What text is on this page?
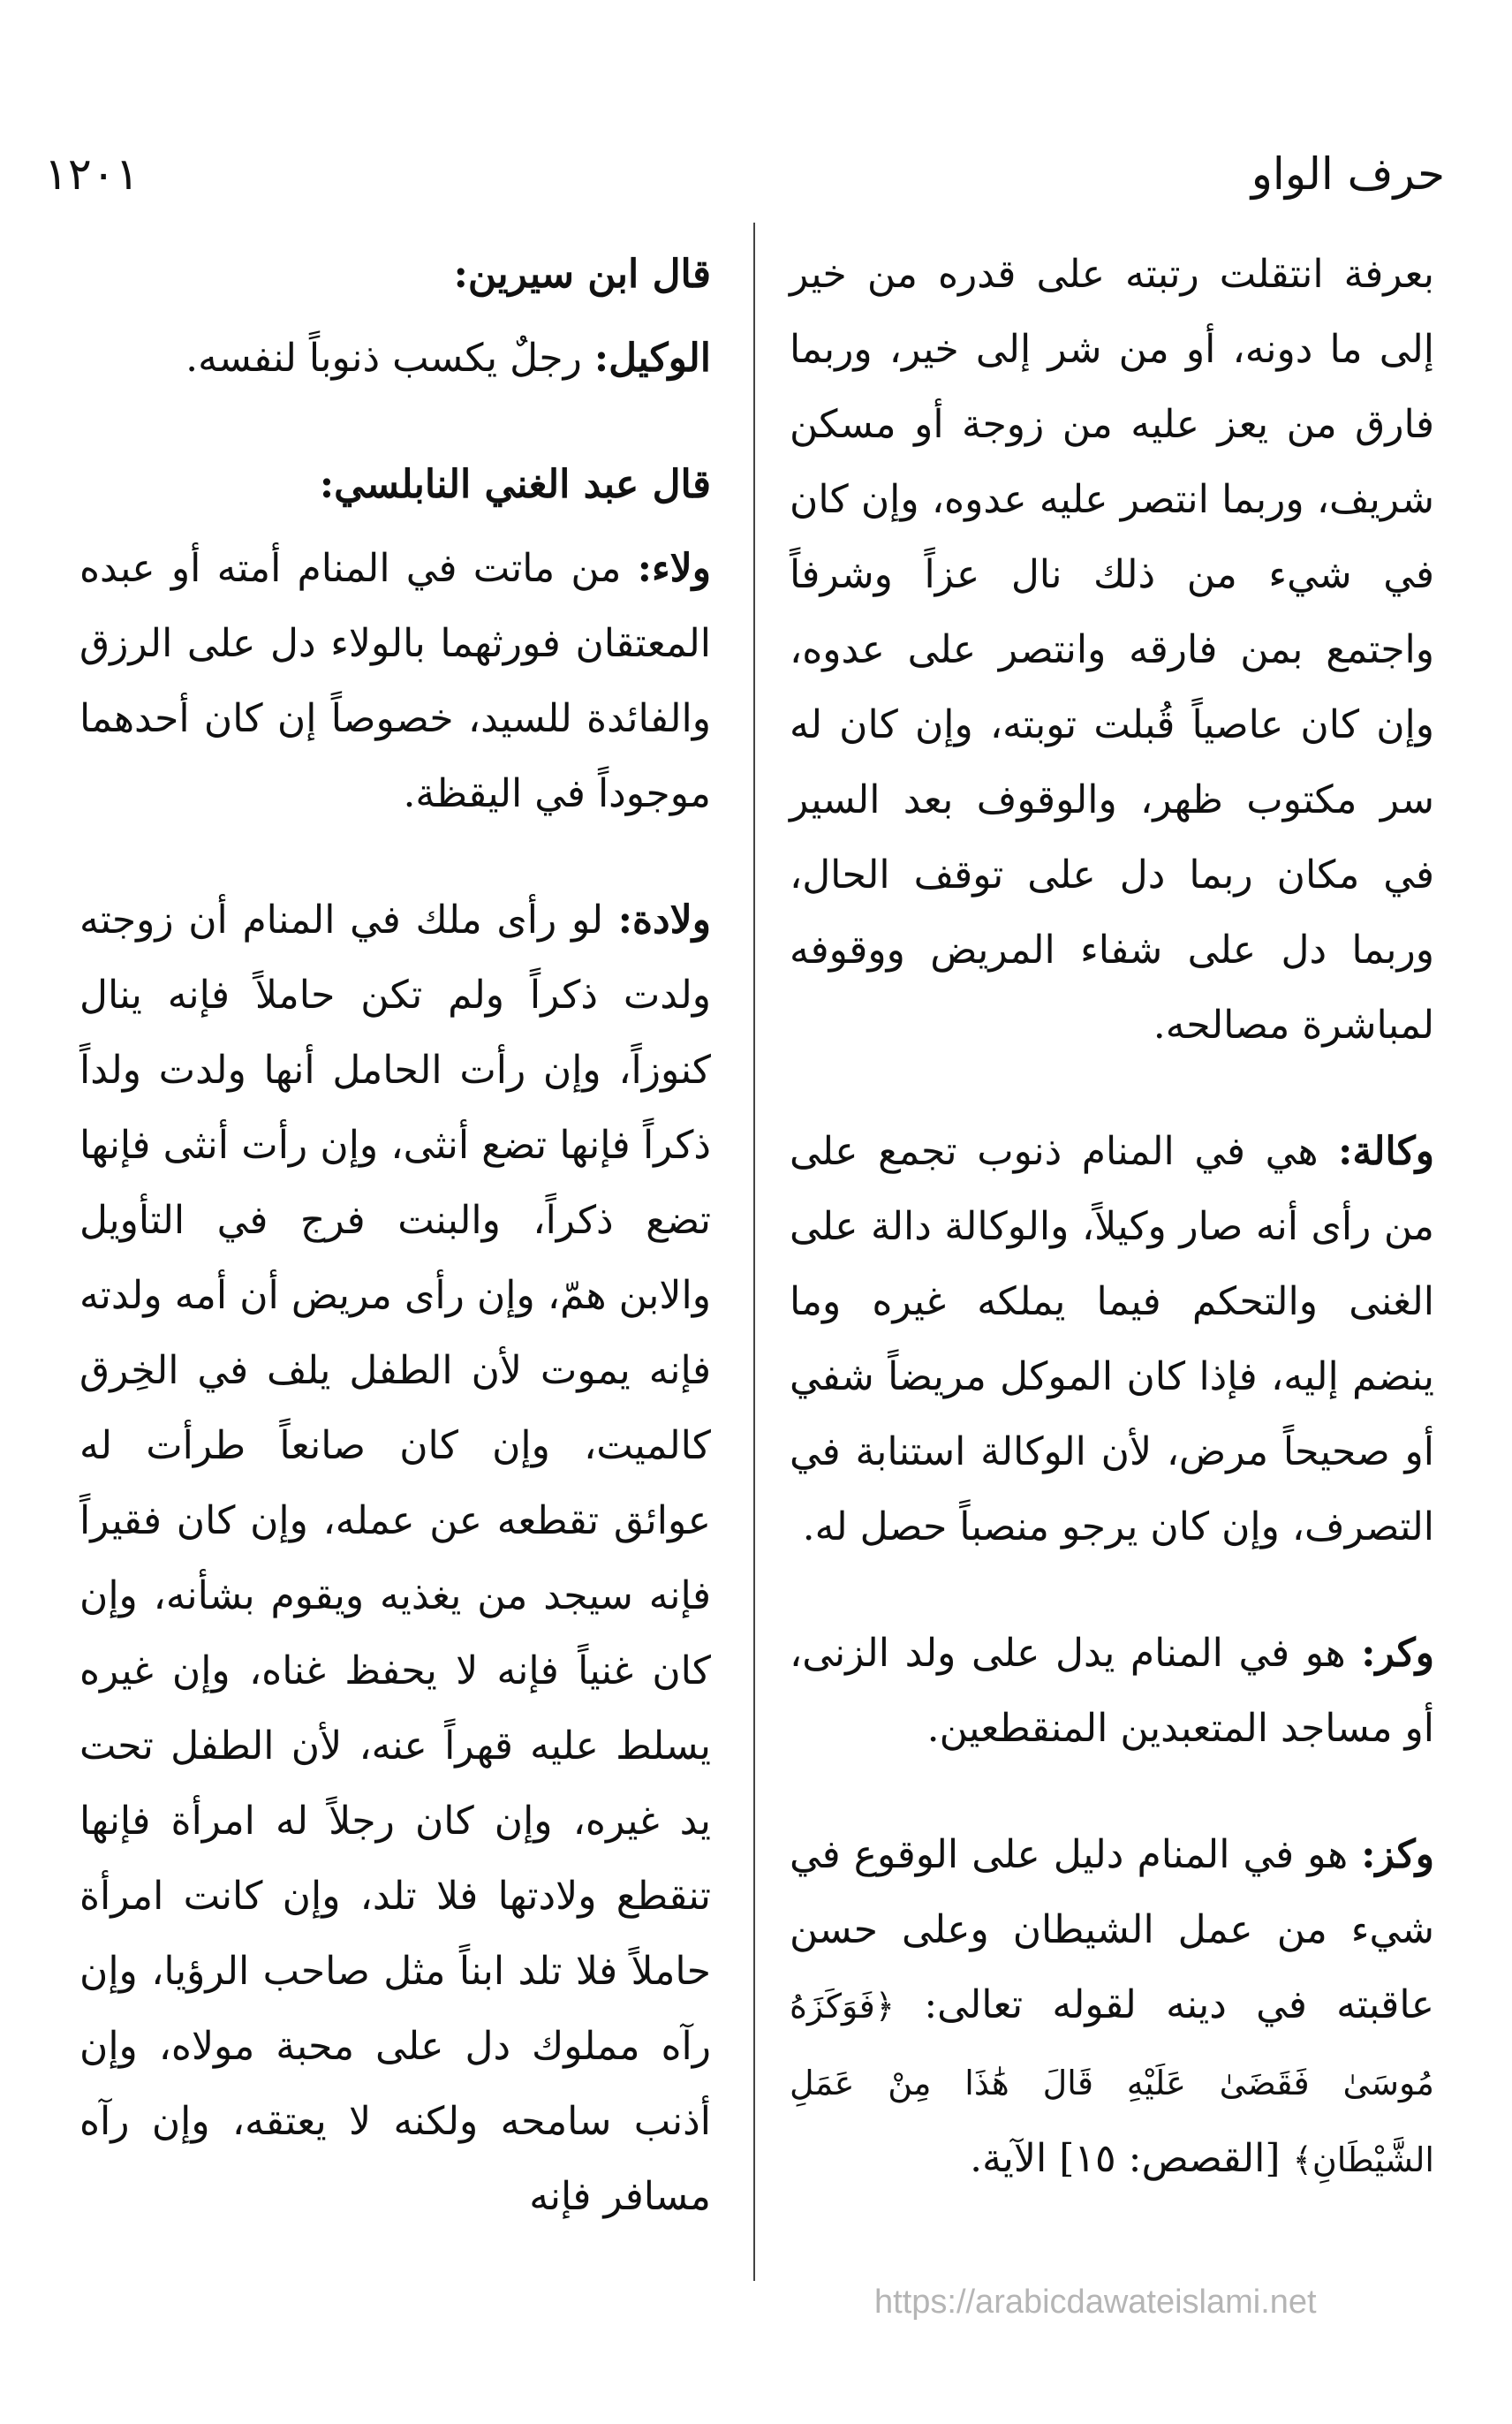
حرف الواو
١٢٠١

بعرفة انتقلت رتبته على قدره من خير إلى ما دونه، أو من شر إلى خير، وربما فارق من يعز عليه من زوجة أو مسكن شريف، وربما انتصر عليه عدوه، وإن كان في شيء من ذلك نال عزاً وشرفاً واجتمع بمن فارقه وانتصر على عدوه، وإن كان عاصياً قُبلت توبته، وإن كان له سر مكتوب ظهر، والوقوف بعد السير في مكان ربما دل على توقف الحال، وربما دل على شفاء المريض ووقوفه لمباشرة مصالحه.

وكالة: هي في المنام ذنوب تجمع على من رأى أنه صار وكيلاً، والوكالة دالة على الغنى والتحكم فيما يملكه غيره وما ينضم إليه، فإذا كان الموكل مريضاً شفي أو صحيحاً مرض، لأن الوكالة استنابة في التصرف، وإن كان يرجو منصباً حصل له.

وكر: هو في المنام يدل على ولد الزنى، أو مساجد المتعبدين المنقطعين.

وكز: هو في المنام دليل على الوقوع في شيء من عمل الشيطان وعلى حسن عاقبته في دينه لقوله تعالى: ﴿فَوَكَزَهُ مُوسَىٰ فَقَضَىٰ عَلَيْهِ قَالَ هَٰذَا مِنْ عَمَلِ الشَّيْطَانِ﴾ [القصص: ١٥] الآية.

قال ابن سيرين:

الوكيل: رجلٌ يكسب ذنوباً لنفسه.

قال عبد الغني النابلسي:

ولاء: من ماتت في المنام أمته أو عبده المعتقان فورثهما بالولاء دل على الرزق والفائدة للسيد، خصوصاً إن كان أحدهما موجوداً في اليقظة.

ولادة: لو رأى ملك في المنام أن زوجته ولدت ذكراً ولم تكن حاملاً فإنه ينال كنوزاً، وإن رأت الحامل أنها ولدت ولداً ذكراً فإنها تضع أنثى، وإن رأت أنثى فإنها تضع ذكراً، والبنت فرج في التأويل والابن همّ، وإن رأى مريض أن أمه ولدته فإنه يموت لأن الطفل يلف في الخِرق كالميت، وإن كان صانعاً طرأت له عوائق تقطعه عن عمله، وإن كان فقيراً فإنه سيجد من يغذيه ويقوم بشأنه، وإن كان غنياً فإنه لا يحفظ غناه، وإن غيره يسلط عليه قهراً عنه، لأن الطفل تحت يد غيره، وإن كان رجلاً له امرأة فإنها تنقطع ولادتها فلا تلد، وإن كانت امرأة حاملاً فلا تلد ابناً مثل صاحب الرؤيا، وإن رآه مملوك دل على محبة مولاه، وإن أذنب سامحه ولكنه لا يعتقه، وإن رآه مسافر فإنه

https://arabicdawateislami.net
